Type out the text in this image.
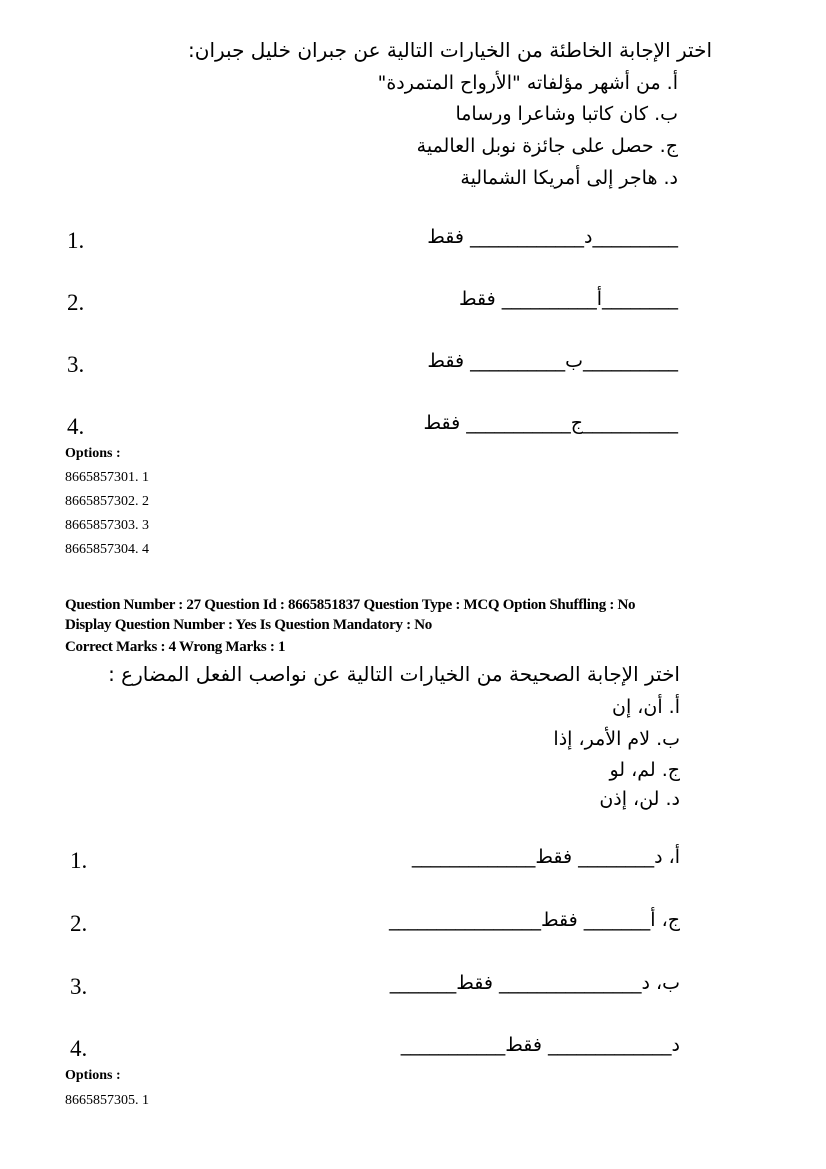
اختر الإجابة الخاطئة من الخيارات التالية عن جبران خليل جبران:
أ. من أشهر مؤلفاته "الأرواح المتمردة"
ب. كان كاتبا وشاعرا ورساما
ج. حصل على جائزة نوبل العالمية
د. هاجر إلى أمريكا الشمالية
1.	_________د____________ فقط
2.	________أ__________ فقط
3.	__________ب__________ فقط
4.	__________ج___________ فقط
Options :
8665857301. 1
8665857302. 2
8665857303. 3
8665857304. 4
Question Number : 27 Question Id : 8665851837 Question Type : MCQ Option Shuffling : No
Display Question Number : Yes Is Question Mandatory : No
Correct Marks : 4 Wrong Marks : 1
اختر الإجابة الصحيحة من الخيارات التالية عن نواصب الفعل المضارع :
أ. أن، إن
ب. لام الأمر، إذا
ج. لم، لو
د. لن، إذن
1.	أ، د________ فقط_____________
2.	ج، أ_______ فقط________________
3.	ب، د_______________ فقط_______
4.	د_____________ فقط___________
Options :
8665857305. 1
